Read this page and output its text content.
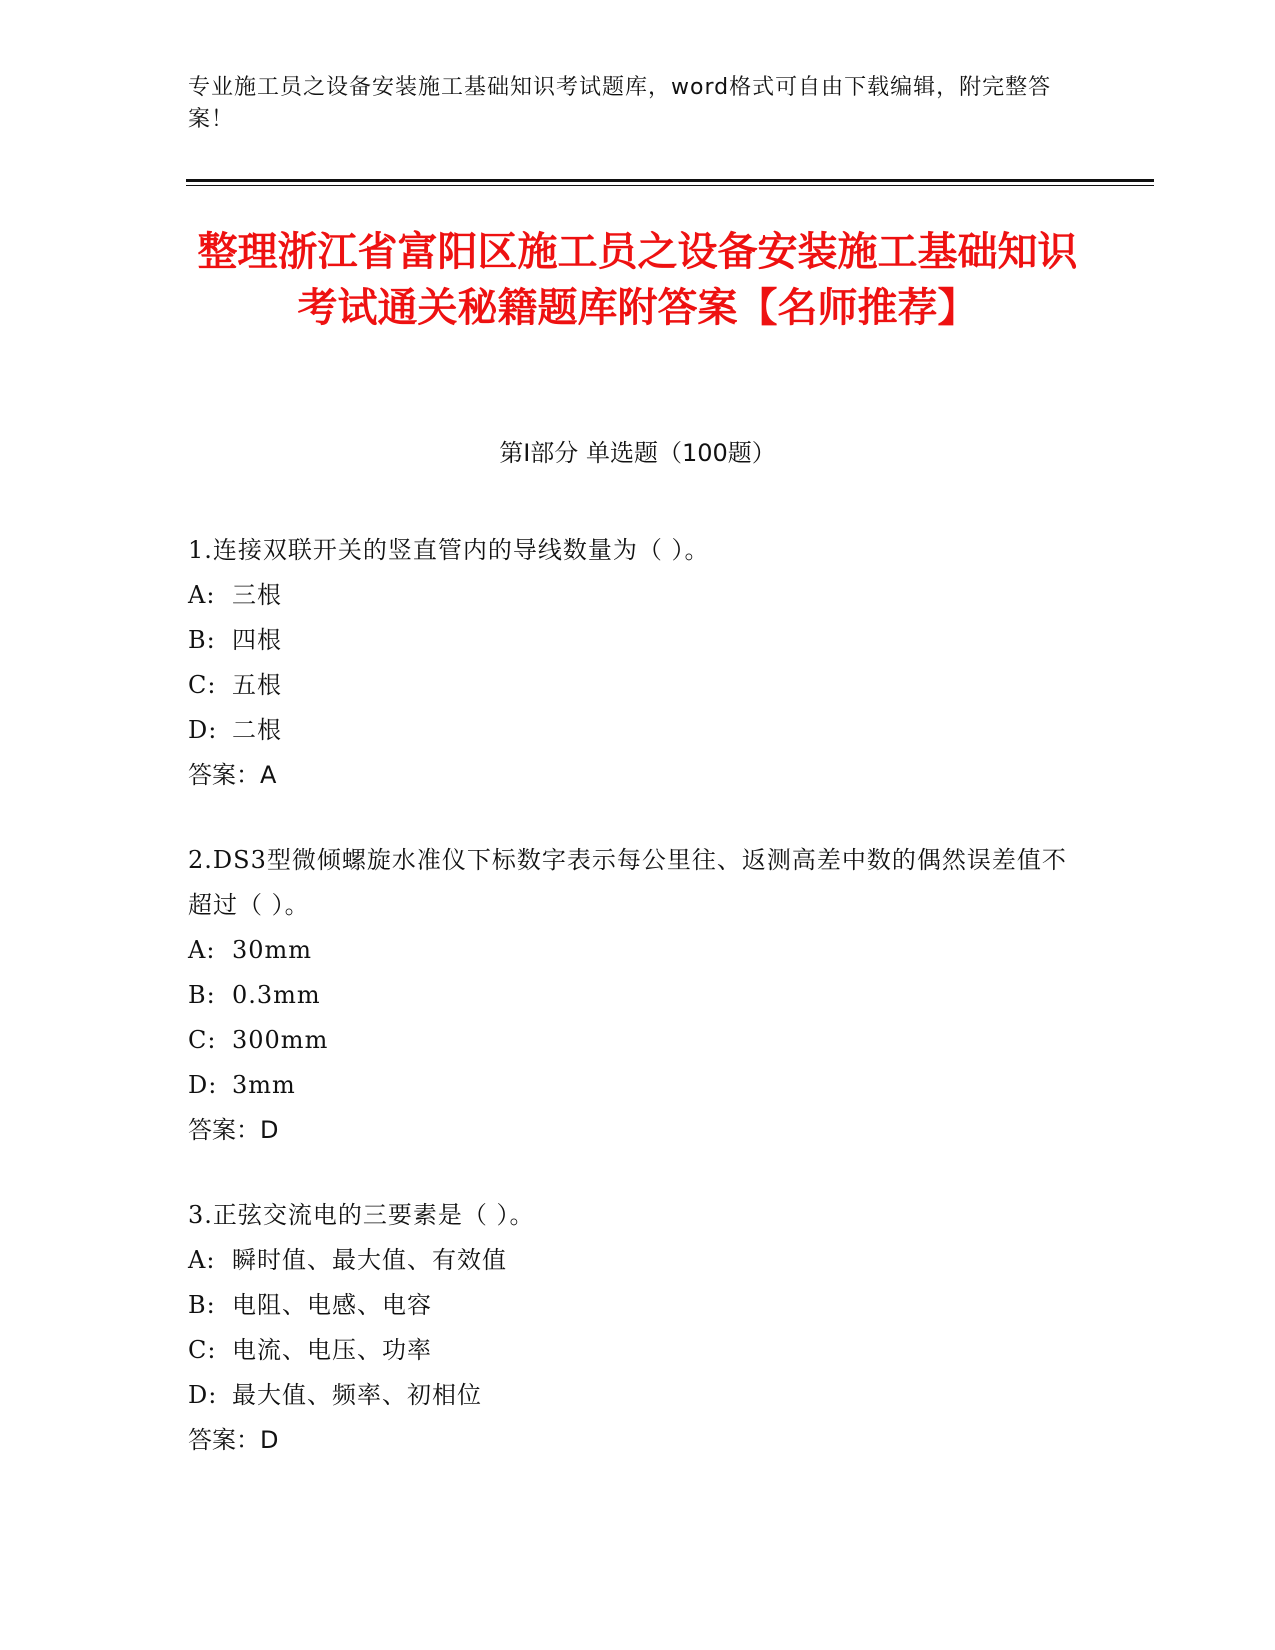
专业施工员之设备安装施工基础知识考试题库，word格式可自由下载编辑，附完整答案！
整理浙江省富阳区施工员之设备安装施工基础知识考试通关秘籍题库附答案【名师推荐】
第Ⅰ部分 单选题（100题）
1.连接双联开关的竖直管内的导线数量为（ ）。
A: 三根
B: 四根
C: 五根
D: 二根
答案：A
2.DS3型微倾螺旋水准仪下标数字表示每公里往、返测高差中数的偶然误差值不超过（ ）。
A: 30mm
B: 0.3mm
C: 300mm
D: 3mm
答案：D
3.正弦交流电的三要素是（ ）。
A: 瞬时值、最大值、有效值
B: 电阻、电感、电容
C: 电流、电压、功率
D: 最大值、频率、初相位
答案：D
